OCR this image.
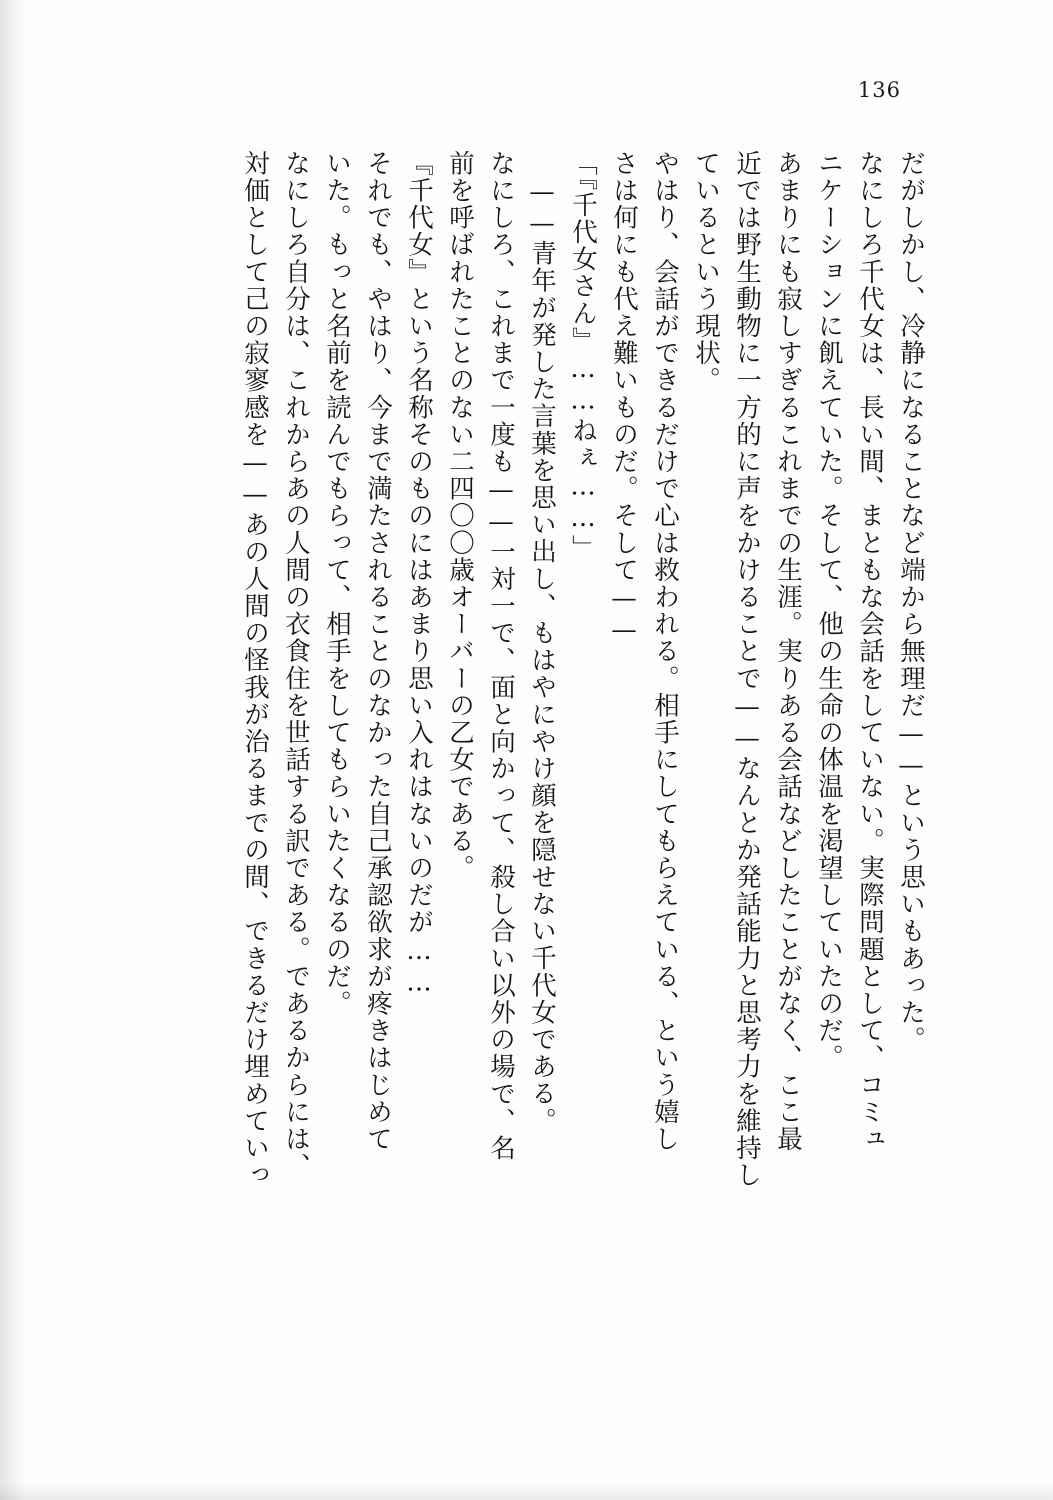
136
だがしかし、冷静になることなど端から無理だ——という思いもあった。
なにしろ千代女は、長い間、まともな会話をしていない。実際問題として、コミュ
ニケーションに飢えていた。そして、他の生命の体温を渇望していたのだ。
あまりにも寂しすぎるこれまでの生涯。実りある会話などしたことがなく、ここ最
近では野生動物に一方的に声をかけることで——なんとか発話能力と思考力を維持し
ているという現状。
やはり、会話ができるだけで心は救われる。相手にしてもらえている、という嬉し
さは何にも代え難いものだ。そして——
「『千代女さん』……ねぇ……」
——青年が発した言葉を思い出し、もはやにやけ顔を隠せない千代女である。
なにしろ、これまで一度も——一対一で、面と向かって、殺し合い以外の場で、名
前を呼ばれたことのない二四〇〇歳オーバーの乙女である。
『千代女』という名称そのものにはあまり思い入れはないのだが……
それでも、やはり、今まで満たされることのなかった自己承認欲求が疼きはじめて
いた。もっと名前を読んでもらって、相手をしてもらいたくなるのだ。
なにしろ自分は、これからあの人間の衣食住を世話する訳である。であるからには、
対価として己の寂寥感を——あの人間の怪我が治るまでの間、できるだけ埋めていっ
